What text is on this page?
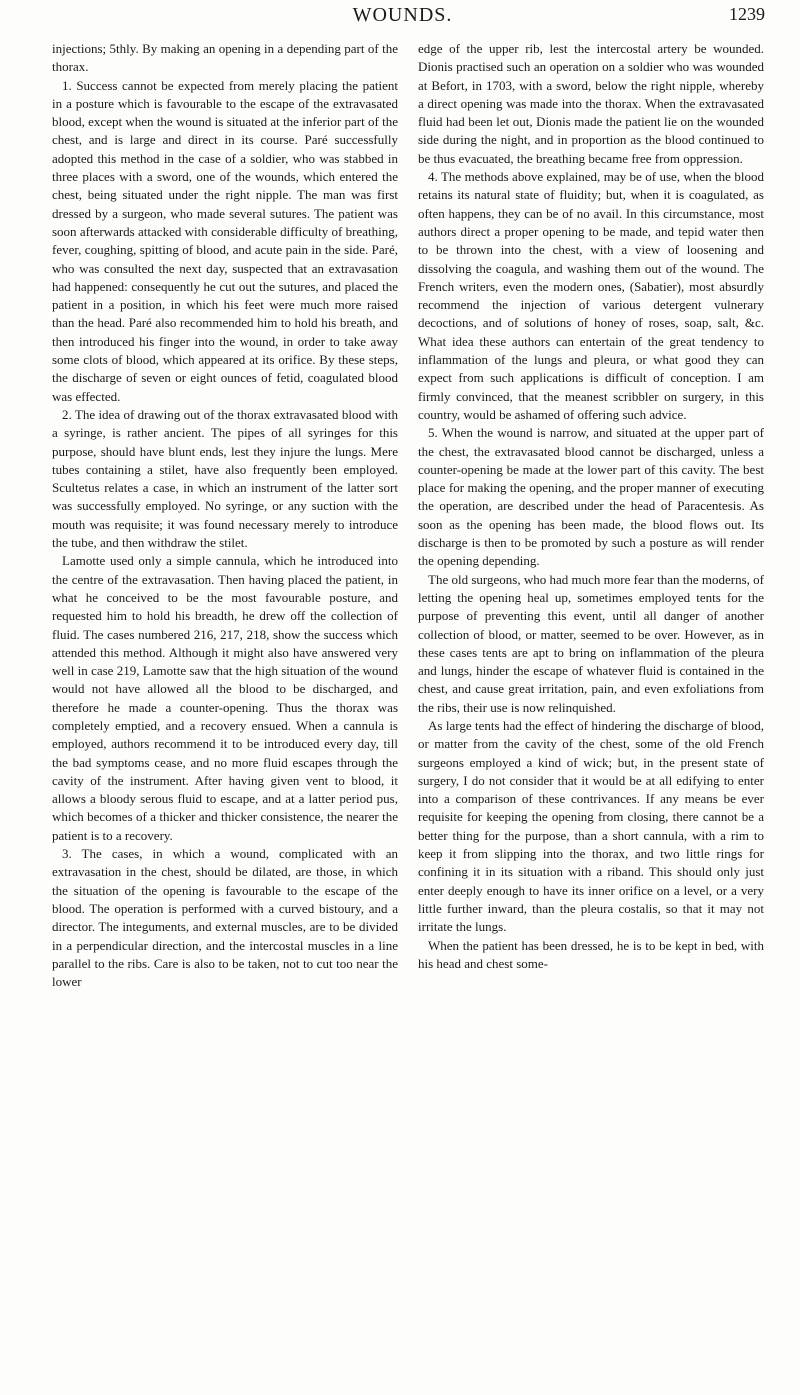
WOUNDS.	1239

injections; 5thly. By making an opening in a depending part of the thorax.

1. Success cannot be expected from merely placing the patient in a posture which is favourable to the escape of the extravasated blood, except when the wound is situated at the inferior part of the chest, and is large and direct in its course. Paré successfully adopted this method in the case of a soldier, who was stabbed in three places with a sword, one of the wounds, which entered the chest, being situated under the right nipple. The man was first dressed by a surgeon, who made several sutures. The patient was soon afterwards attacked with considerable difficulty of breathing, fever, coughing, spitting of blood, and acute pain in the side. Paré, who was consulted the next day, suspected that an extravasation had happened: consequently he cut out the sutures, and placed the patient in a position, in which his feet were much more raised than the head. Paré also recommended him to hold his breath, and then introduced his finger into the wound, in order to take away some clots of blood, which appeared at its orifice. By these steps, the discharge of seven or eight ounces of fetid, coagulated blood was effected.

2. The idea of drawing out of the thorax extravasated blood with a syringe, is rather ancient. The pipes of all syringes for this purpose, should have blunt ends, lest they injure the lungs. Mere tubes containing a stilet, have also frequently been employed. Scultetus relates a case, in which an instrument of the latter sort was successfully employed. No syringe, or any suction with the mouth was requisite; it was found necessary merely to introduce the tube, and then withdraw the stilet.

Lamotte used only a simple cannula, which he introduced into the centre of the extravasation. Then having placed the patient, in what he conceived to be the most favourable posture, and requested him to hold his breadth, he drew off the collection of fluid. The cases numbered 216, 217, 218, show the success which attended this method. Although it might also have answered very well in case 219, Lamotte saw that the high situation of the wound would not have allowed all the blood to be discharged, and therefore he made a counter-opening. Thus the thorax was completely emptied, and a recovery ensued. When a cannula is employed, authors recommend it to be introduced every day, till the bad symptoms cease, and no more fluid escapes through the cavity of the instrument. After having given vent to blood, it allows a bloody serous fluid to escape, and at a latter period pus, which becomes of a thicker and thicker consistence, the nearer the patient is to a recovery.

3. The cases, in which a wound, complicated with an extravasation in the chest, should be dilated, are those, in which the situation of the opening is favourable to the escape of the blood. The operation is performed with a curved bistoury, and a director. The integuments, and external muscles, are to be divided in a perpendicular direction, and the intercostal muscles in a line parallel to the ribs. Care is also to be taken, not to cut too near the lower

edge of the upper rib, lest the intercostal artery be wounded. Dionis practised such an operation on a soldier who was wounded at Befort, in 1703, with a sword, below the right nipple, whereby a direct opening was made into the thorax. When the extravasated fluid had been let out, Dionis made the patient lie on the wounded side during the night, and in proportion as the blood continued to be thus evacuated, the breathing became free from oppression.

4. The methods above explained, may be of use, when the blood retains its natural state of fluidity; but, when it is coagulated, as often happens, they can be of no avail. In this circumstance, most authors direct a proper opening to be made, and tepid water then to be thrown into the chest, with a view of loosening and dissolving the coagula, and washing them out of the wound. The French writers, even the modern ones, (Sabatier), most absurdly recommend the injection of various detergent vulnerary decoctions, and of solutions of honey of roses, soap, salt, &c. What idea these authors can entertain of the great tendency to inflammation of the lungs and pleura, or what good they can expect from such applications is difficult of conception. I am firmly convinced, that the meanest scribbler on surgery, in this country, would be ashamed of offering such advice.

5. When the wound is narrow, and situated at the upper part of the chest, the extravasated blood cannot be discharged, unless a counter-opening be made at the lower part of this cavity. The best place for making the opening, and the proper manner of executing the operation, are described under the head of Paracentesis. As soon as the opening has been made, the blood flows out. Its discharge is then to be promoted by such a posture as will render the opening depending.

The old surgeons, who had much more fear than the moderns, of letting the opening heal up, sometimes employed tents for the purpose of preventing this event, until all danger of another collection of blood, or matter, seemed to be over. However, as in these cases tents are apt to bring on inflammation of the pleura and lungs, hinder the escape of whatever fluid is contained in the chest, and cause great irritation, pain, and even exfoliations from the ribs, their use is now relinquished.

As large tents had the effect of hindering the discharge of blood, or matter from the cavity of the chest, some of the old French surgeons employed a kind of wick; but, in the present state of surgery, I do not consider that it would be at all edifying to enter into a comparison of these contrivances. If any means be ever requisite for keeping the opening from closing, there cannot be a better thing for the purpose, than a short cannula, with a rim to keep it from slipping into the thorax, and two little rings for confining it in its situation with a riband. This should only just enter deeply enough to have its inner orifice on a level, or a very little further inward, than the pleura costalis, so that it may not irritate the lungs.

When the patient has been dressed, he is to be kept in bed, with his head and chest some-
